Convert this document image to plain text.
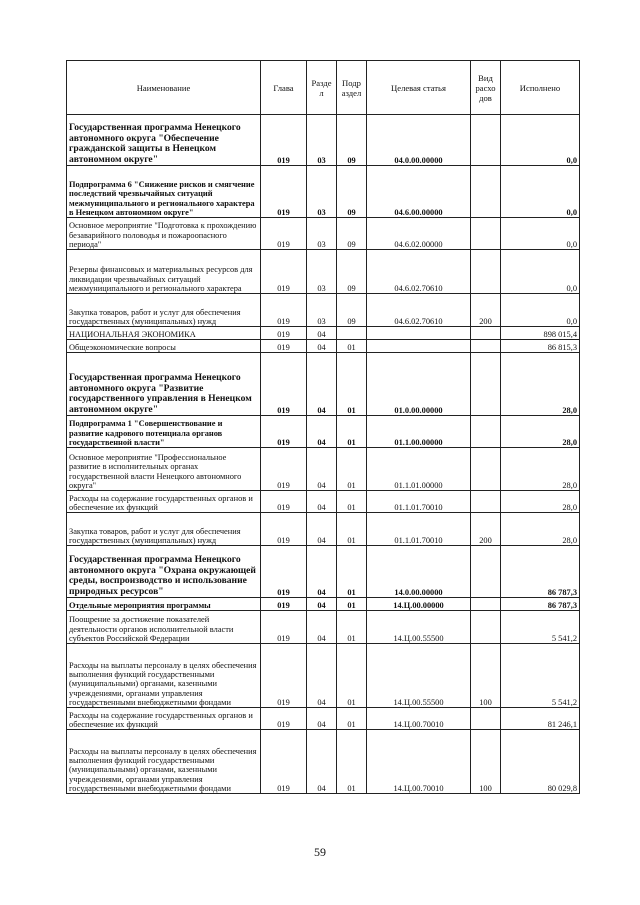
Наименование	Глава	Разде л	Подр аздел	Целевая статья	Вид расхо дов	Исполнено
Государственная программа Ненецкого автономного округа "Обеспечение гражданской защиты в Ненецком автономном округе"	019	03	09	04.0.00.00000		0,0
Подпрограмма 6 "Снижение рисков и смягчение последствий чрезвычайных ситуаций межмуниципального и регионального характера в Ненецком автономном округе"	019	03	09	04.6.00.00000		0,0
Основное мероприятие "Подготовка к прохождению безаварийного половодья и пожароопасного периода"	019	03	09	04.6.02.00000		0,0
Резервы финансовых и материальных ресурсов для ликвидации чрезвычайных ситуаций межмуниципального и регионального характера	019	03	09	04.6.02.70610		0,0
Закупка товаров, работ и услуг для обеспечения государственных (муниципальных) нужд	019	03	09	04.6.02.70610	200	0,0
НАЦИОНАЛЬНАЯ ЭКОНОМИКА	019	04				898 015,4
Общеэкономические вопросы	019	04	01			86 815,3
Государственная программа Ненецкого автономного округа "Развитие государственного управления в Ненецком автономном округе"	019	04	01	01.0.00.00000		28,0
Подпрограмма 1 "Совершенствование и развитие кадрового потенциала органов государственной власти"	019	04	01	01.1.00.00000		28,0
Основное мероприятие "Профессиональное развитие в исполнительных органах государственной власти Ненецкого автономного округа"	019	04	01	01.1.01.00000		28,0
Расходы на содержание государственных органов и обеспечение их функций	019	04	01	01.1.01.70010		28,0
Закупка товаров, работ и услуг для обеспечения государственных (муниципальных) нужд	019	04	01	01.1.01.70010	200	28,0
Государственная программа Ненецкого автономного округа "Охрана окружающей среды, воспроизводство и использование природных ресурсов"	019	04	01	14.0.00.00000		86 787,3
Отдельные мероприятия программы	019	04	01	14.Ц.00.00000		86 787,3
Поощрение за достижение показателей деятельности органов исполнительной власти субъектов Российской Федерации	019	04	01	14.Ц.00.55500		5 541,2
Расходы на выплаты персоналу в целях обеспечения выполнения функций государственными (муниципальными) органами, казенными учреждениями, органами управления государственными внебюджетными фондами	019	04	01	14.Ц.00.55500	100	5 541,2
Расходы на содержание государственных органов и обеспечение их функций	019	04	01	14.Ц.00.70010		81 246,1
Расходы на выплаты персоналу в целях обеспечения выполнения функций государственными (муниципальными) органами, казенными учреждениями, органами управления государственными внебюджетными фондами	019	04	01	14.Ц.00.70010	100	80 029,8
59
